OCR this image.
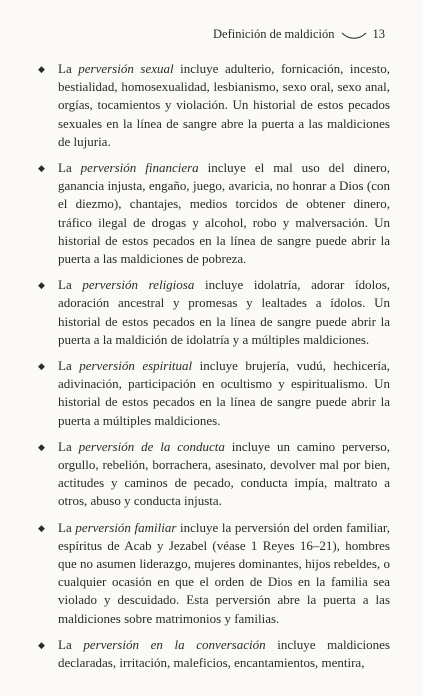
Definición de maldición	13
◆ La perversión sexual incluye adulterio, fornicación, incesto, bestialidad, homosexualidad, lesbianismo, sexo oral, sexo anal, orgías, tocamientos y violación. Un historial de estos pecados sexuales en la línea de sangre abre la puerta a las maldiciones de lujuria.
◆ La perversión financiera incluye el mal uso del dinero, ganancia injusta, engaño, juego, avaricia, no honrar a Dios (con el diezmo), chantajes, medios torcidos de obtener dinero, tráfico ilegal de drogas y alcohol, robo y malversación. Un historial de estos pecados en la línea de sangre puede abrir la puerta a las maldiciones de pobreza.
◆ La perversión religiosa incluye idolatría, adorar ídolos, adoración ancestral y promesas y lealtades a ídolos. Un historial de estos pecados en la línea de sangre puede abrir la puerta a la maldición de idolatría y a múltiples maldiciones.
◆ La perversión espiritual incluye brujería, vudú, hechicería, adivinación, participación en ocultismo y espiritualismo. Un historial de estos pecados en la línea de sangre puede abrir la puerta a múltiples maldiciones.
◆ La perversión de la conducta incluye un camino perverso, orgullo, rebelión, borrachera, asesinato, devolver mal por bien, actitudes y caminos de pecado, conducta impía, maltrato a otros, abuso y conducta injusta.
◆ La perversión familiar incluye la perversión del orden familiar, espíritus de Acab y Jezabel (véase 1 Reyes 16–21), hombres que no asumen liderazgo, mujeres dominantes, hijos rebeldes, o cualquier ocasión en que el orden de Dios en la familia sea violado y descuidado. Esta perversión abre la puerta a las maldiciones sobre matrimonios y familias.
◆ La perversión en la conversación incluye maldiciones declaradas, irritación, maleficios, encantamientos, mentira,
